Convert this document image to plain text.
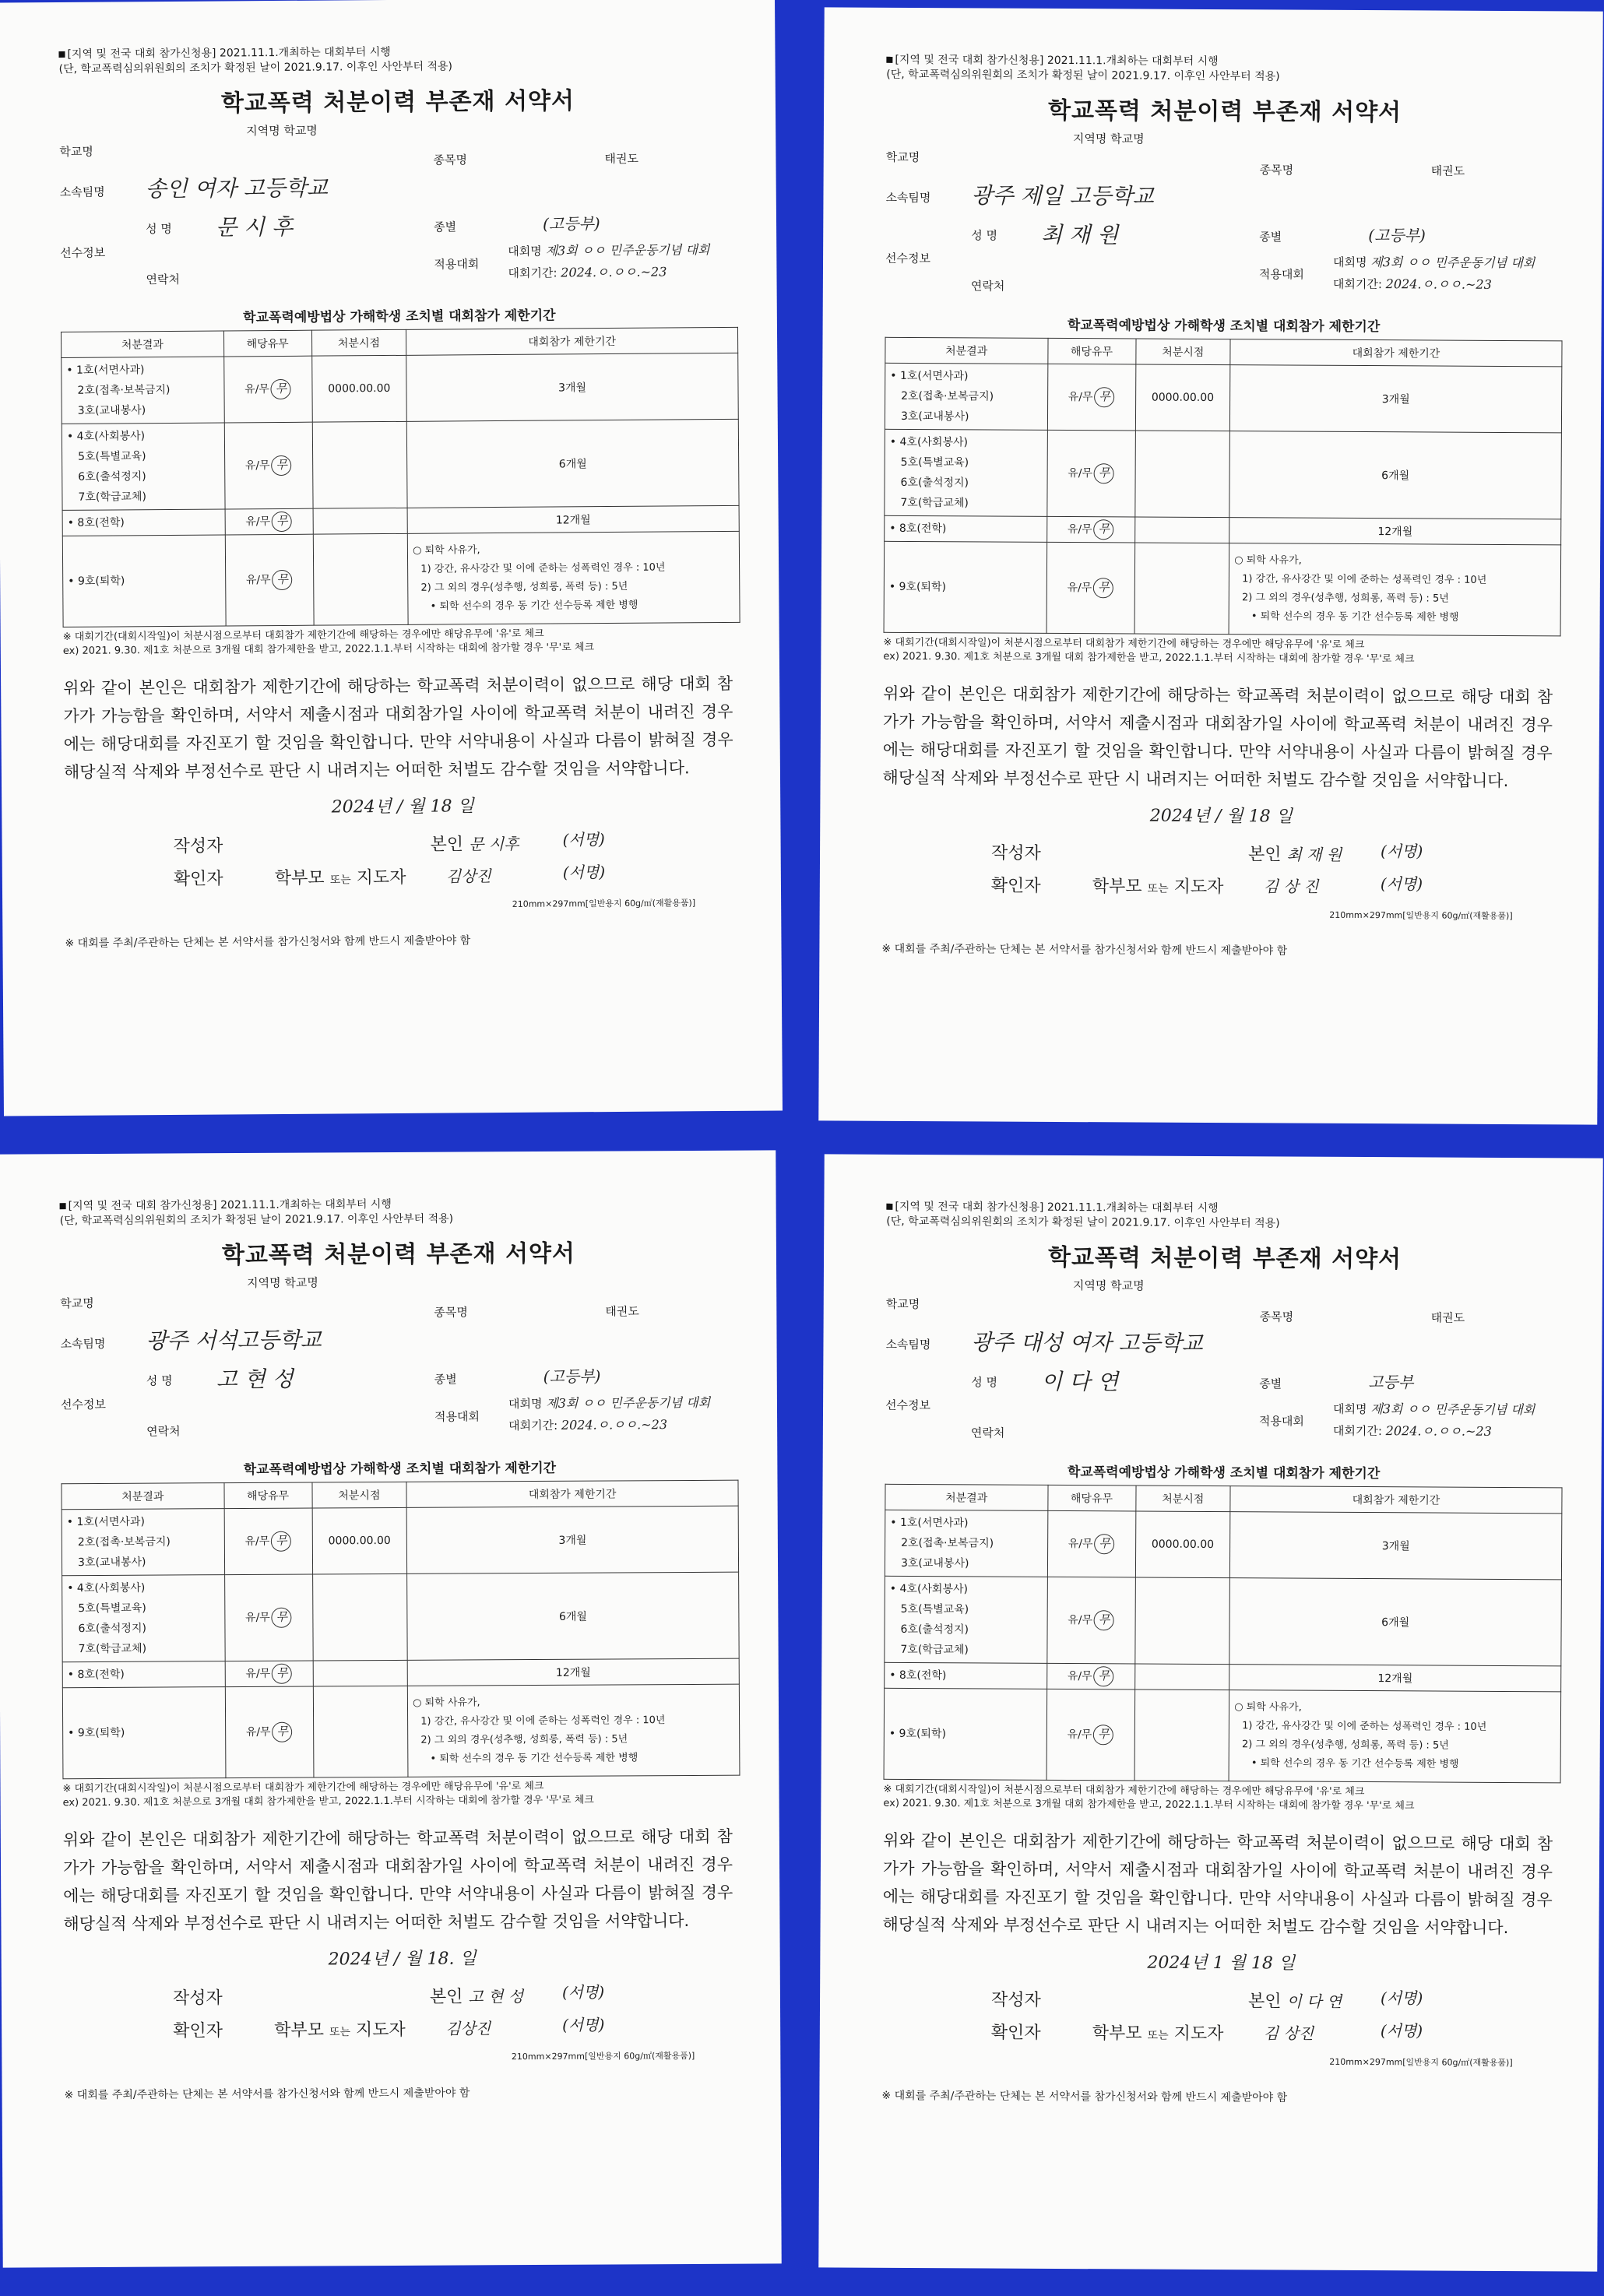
[지역 및 전국 대회 참가신청용] 2021.11.1.개최하는 대회부터 시행
(단, 학교폭력심의위원회의 조치가 확정된 날이 2021.9.17. 이후인 사안부터 적용)
학교폭력 처분이력 부존재 서약서
지역명 학교명
학교명
소속팀명 송인 여자 고등학교
종목명	태권도
선수정보
성 명 문 시 후	종별	(고등부)
연락처
적용대회
대회명 제3회 ㅇㅇ 민주운동기념 대회
대회기간: 2024.ㅇ.ㅇㅇ.~23
학교폭력예방법상 가해학생 조치별 대회참가 제한기간
처분결과	해당유무	처분시점	대회참가 제한기간

• 1호(서면사과)
2호(접촉·보복금지)
3호(교내봉사)	유/무 무	0000.00.00	3개월

• 4호(사회봉사)
5호(특별교육)
6호(출석정지)
7호(학급교체)	유/무 무		6개월

• 8호(전학)	유/무 무		12개월

• 9호(퇴학)	유/무 무		○ 퇴학 사유가,
1) 강간, 유사강간 및 이에 준하는 성폭력인 경우 : 10년
2) 그 외의 경우(성추행, 성희롱, 폭력 등) : 5년
• 퇴학 선수의 경우 동 기간 선수등록 제한 병행
※ 대회기간(대회시작일)이 처분시점으로부터 대회참가 제한기간에 해당하는 경우에만 해당유무에 '유'로 체크
ex) 2021. 9.30. 제1호 처분으로 3개월 대회 참가제한을 받고, 2022.1.1.부터 시작하는 대회에 참가할 경우 '무'로 체크
위와 같이 본인은 대회참가 제한기간에 해당하는 학교폭력 처분이력이 없으므로 해당 대회 참가가 가능함을 확인하며, 서약서 제출시점과 대회참가일 사이에 학교폭력 처분이 내려진 경우에는 해당대회를 자진포기 할 것임을 확인합니다. 만약 서약내용이 사실과 다름이 밝혀질 경우 해당실적 삭제와 부정선수로 판단 시 내려지는 어떠한 처벌도 감수할 것임을 서약합니다.
2024년 / 월 18 일
작성자	본인 문 시후	(서명)
확인자	학부모 또는 지도자	김상진	(서명)
210mm×297mm[일반용지 60g/㎡(재활용품)]
※ 대회를 주최/주관하는 단체는 본 서약서를 참가신청서와 함께 반드시 제출받아야 함
[지역 및 전국 대회 참가신청용] 2021.11.1.개최하는 대회부터 시행
(단, 학교폭력심의위원회의 조치가 확정된 날이 2021.9.17. 이후인 사안부터 적용)
학교폭력 처분이력 부존재 서약서
지역명 학교명
학교명
소속팀명 광주 제일 고등학교
종목명	태권도
선수정보
성 명 최 재 원	종별	(고등부)
연락처
적용대회
대회명 제3회 ㅇㅇ 민주운동기념 대회
대회기간: 2024.ㅇ.ㅇㅇ.~23
학교폭력예방법상 가해학생 조치별 대회참가 제한기간
처분결과	해당유무	처분시점	대회참가 제한기간

• 1호(서면사과)
2호(접촉·보복금지)
3호(교내봉사)	유/무 무	0000.00.00	3개월

• 4호(사회봉사)
5호(특별교육)
6호(출석정지)
7호(학급교체)	유/무 무		6개월

• 8호(전학)	유/무 무		12개월

• 9호(퇴학)	유/무 무		○ 퇴학 사유가,
1) 강간, 유사강간 및 이에 준하는 성폭력인 경우 : 10년
2) 그 외의 경우(성추행, 성희롱, 폭력 등) : 5년
• 퇴학 선수의 경우 동 기간 선수등록 제한 병행
※ 대회기간(대회시작일)이 처분시점으로부터 대회참가 제한기간에 해당하는 경우에만 해당유무에 '유'로 체크
ex) 2021. 9.30. 제1호 처분으로 3개월 대회 참가제한을 받고, 2022.1.1.부터 시작하는 대회에 참가할 경우 '무'로 체크
위와 같이 본인은 대회참가 제한기간에 해당하는 학교폭력 처분이력이 없으므로 해당 대회 참가가 가능함을 확인하며, 서약서 제출시점과 대회참가일 사이에 학교폭력 처분이 내려진 경우에는 해당대회를 자진포기 할 것임을 확인합니다. 만약 서약내용이 사실과 다름이 밝혀질 경우 해당실적 삭제와 부정선수로 판단 시 내려지는 어떠한 처벌도 감수할 것임을 서약합니다.
2024년 / 월 18 일
작성자	본인 최 재 원 (서명)
확인자	학부모 또는 지도자	김 상 진	(서명)
210mm×297mm[일반용지 60g/㎡(재활용품)]
※ 대회를 주최/주관하는 단체는 본 서약서를 참가신청서와 함께 반드시 제출받아야 함
[지역 및 전국 대회 참가신청용] 2021.11.1.개최하는 대회부터 시행
(단, 학교폭력심의위원회의 조치가 확정된 날이 2021.9.17. 이후인 사안부터 적용)
학교폭력 처분이력 부존재 서약서
지역명 학교명
학교명
소속팀명 광주 서석고등학교
종목명	태권도
선수정보
성 명 고 현 성	종별	(고등부)
연락처
적용대회
대회명 제3회 ㅇㅇ 민주운동기념 대회
대회기간: 2024.ㅇ.ㅇㅇ.~23
학교폭력예방법상 가해학생 조치별 대회참가 제한기간
처분결과	해당유무	처분시점	대회참가 제한기간

• 1호(서면사과)
2호(접촉·보복금지)
3호(교내봉사)	유/무 무	0000.00.00	3개월

• 4호(사회봉사)
5호(특별교육)
6호(출석정지)
7호(학급교체)	유/무 무		6개월

• 8호(전학)	유/무 무		12개월

• 9호(퇴학)	유/무 무		○ 퇴학 사유가,
1) 강간, 유사강간 및 이에 준하는 성폭력인 경우 : 10년
2) 그 외의 경우(성추행, 성희롱, 폭력 등) : 5년
• 퇴학 선수의 경우 동 기간 선수등록 제한 병행
※ 대회기간(대회시작일)이 처분시점으로부터 대회참가 제한기간에 해당하는 경우에만 해당유무에 '유'로 체크
ex) 2021. 9.30. 제1호 처분으로 3개월 대회 참가제한을 받고, 2022.1.1.부터 시작하는 대회에 참가할 경우 '무'로 체크
위와 같이 본인은 대회참가 제한기간에 해당하는 학교폭력 처분이력이 없으므로 해당 대회 참가가 가능함을 확인하며, 서약서 제출시점과 대회참가일 사이에 학교폭력 처분이 내려진 경우에는 해당대회를 자진포기 할 것임을 확인합니다. 만약 서약내용이 사실과 다름이 밝혀질 경우 해당실적 삭제와 부정선수로 판단 시 내려지는 어떠한 처벌도 감수할 것임을 서약합니다.
2024년 / 월 18. 일
작성자	본인 고 현 성 (서명)
확인자	학부모 또는 지도자	김상진	(서명)
210mm×297mm[일반용지 60g/㎡(재활용품)]
※ 대회를 주최/주관하는 단체는 본 서약서를 참가신청서와 함께 반드시 제출받아야 함
[지역 및 전국 대회 참가신청용] 2021.11.1.개최하는 대회부터 시행
(단, 학교폭력심의위원회의 조치가 확정된 날이 2021.9.17. 이후인 사안부터 적용)
학교폭력 처분이력 부존재 서약서
지역명 학교명
학교명
소속팀명 광주 대성 여자 고등학교
종목명	태권도
선수정보
성 명 이 다 연	종별	고등부
연락처
적용대회
대회명 제3회 ㅇㅇ 민주운동기념 대회
대회기간: 2024.ㅇ.ㅇㅇ.~23
학교폭력예방법상 가해학생 조치별 대회참가 제한기간
처분결과	해당유무	처분시점	대회참가 제한기간

• 1호(서면사과)
2호(접촉·보복금지)
3호(교내봉사)	유/무 무	0000.00.00	3개월

• 4호(사회봉사)
5호(특별교육)
6호(출석정지)
7호(학급교체)	유/무 무		6개월

• 8호(전학)	유/무 무		12개월

• 9호(퇴학)	유/무 무		○ 퇴학 사유가,
1) 강간, 유사강간 및 이에 준하는 성폭력인 경우 : 10년
2) 그 외의 경우(성추행, 성희롱, 폭력 등) : 5년
• 퇴학 선수의 경우 동 기간 선수등록 제한 병행
※ 대회기간(대회시작일)이 처분시점으로부터 대회참가 제한기간에 해당하는 경우에만 해당유무에 '유'로 체크
ex) 2021. 9.30. 제1호 처분으로 3개월 대회 참가제한을 받고, 2022.1.1.부터 시작하는 대회에 참가할 경우 '무'로 체크
위와 같이 본인은 대회참가 제한기간에 해당하는 학교폭력 처분이력이 없으므로 해당 대회 참가가 가능함을 확인하며, 서약서 제출시점과 대회참가일 사이에 학교폭력 처분이 내려진 경우에는 해당대회를 자진포기 할 것임을 확인합니다. 만약 서약내용이 사실과 다름이 밝혀질 경우 해당실적 삭제와 부정선수로 판단 시 내려지는 어떠한 처벌도 감수할 것임을 서약합니다.
2024년 1 월 18 일
작성자	본인 이 다 연 (서명)
확인자	학부모 또는 지도자	김 상진	(서명)
210mm×297mm[일반용지 60g/㎡(재활용품)]
※ 대회를 주최/주관하는 단체는 본 서약서를 참가신청서와 함께 반드시 제출받아야 함
